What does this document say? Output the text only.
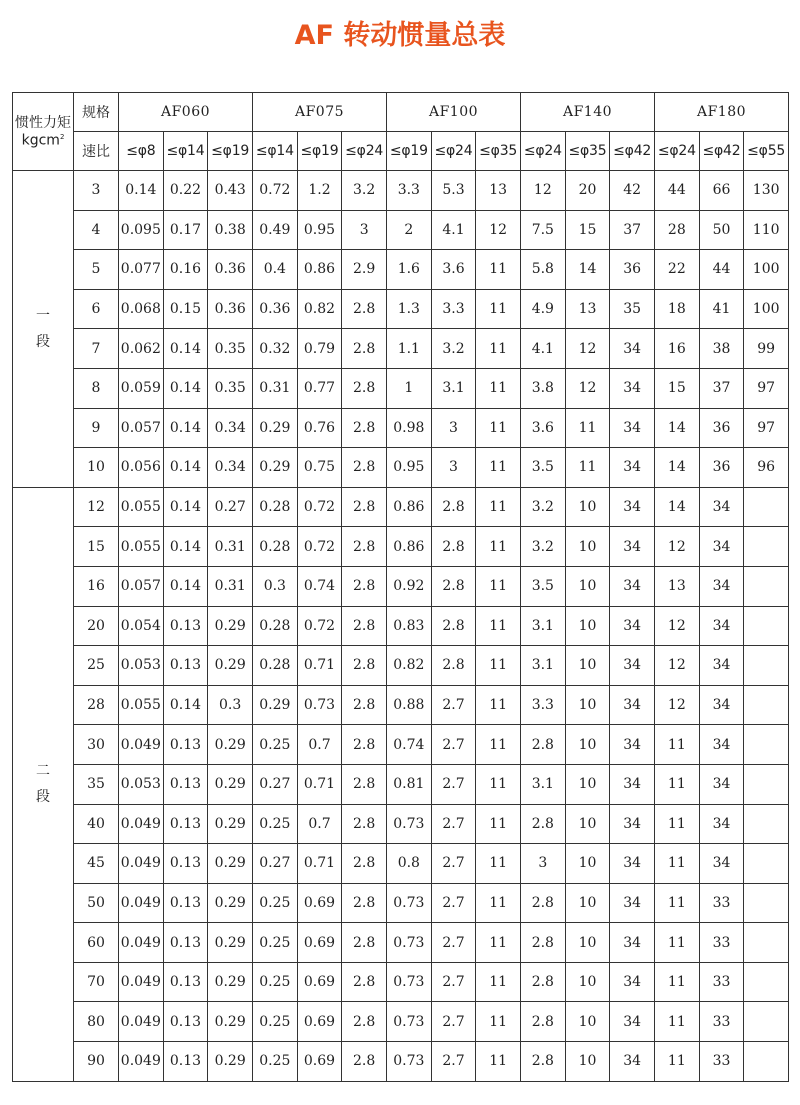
AF 转动惯量总表
惯性力矩
kgcm$^2$	规格	AF060			AF075			AF100			AF140			AF180		
	速比	≤φ8	≤φ14	≤φ19	≤φ14	≤φ19	≤φ24	≤φ19	≤φ24	≤φ35	≤φ24	≤φ35	≤φ42	≤φ24	≤φ42	≤φ55
一
段	3	0.14	0.22	0.43	0.72	1.2	3.2	3.3	5.3	13	12	20	42	44	66	130
	4	0.095	0.17	0.38	0.49	0.95	3	2	4.1	12	7.5	15	37	28	50	110
	5	0.077	0.16	0.36	0.4	0.86	2.9	1.6	3.6	11	5.8	14	36	22	44	100
	6	0.068	0.15	0.36	0.36	0.82	2.8	1.3	3.3	11	4.9	13	35	18	41	100
	7	0.062	0.14	0.35	0.32	0.79	2.8	1.1	3.2	11	4.1	12	34	16	38	99
	8	0.059	0.14	0.35	0.31	0.77	2.8	1	3.1	11	3.8	12	34	15	37	97
	9	0.057	0.14	0.34	0.29	0.76	2.8	0.98	3	11	3.6	11	34	14	36	97
	10	0.056	0.14	0.34	0.29	0.75	2.8	0.95	3	11	3.5	11	34	14	36	96
二
段	12	0.055	0.14	0.27	0.28	0.72	2.8	0.86	2.8	11	3.2	10	34	14	34	
	15	0.055	0.14	0.31	0.28	0.72	2.8	0.86	2.8	11	3.2	10	34	12	34	
	16	0.057	0.14	0.31	0.3	0.74	2.8	0.92	2.8	11	3.5	10	34	13	34	
	20	0.054	0.13	0.29	0.28	0.72	2.8	0.83	2.8	11	3.1	10	34	12	34	
	25	0.053	0.13	0.29	0.28	0.71	2.8	0.82	2.8	11	3.1	10	34	12	34	
	28	0.055	0.14	0.3	0.29	0.73	2.8	0.88	2.7	11	3.3	10	34	12	34	
	30	0.049	0.13	0.29	0.25	0.7	2.8	0.74	2.7	11	2.8	10	34	11	34	
	35	0.053	0.13	0.29	0.27	0.71	2.8	0.81	2.7	11	3.1	10	34	11	34	
	40	0.049	0.13	0.29	0.25	0.7	2.8	0.73	2.7	11	2.8	10	34	11	34	
	45	0.049	0.13	0.29	0.27	0.71	2.8	0.8	2.7	11	3	10	34	11	34	
	50	0.049	0.13	0.29	0.25	0.69	2.8	0.73	2.7	11	2.8	10	34	11	33	
	60	0.049	0.13	0.29	0.25	0.69	2.8	0.73	2.7	11	2.8	10	34	11	33	
	70	0.049	0.13	0.29	0.25	0.69	2.8	0.73	2.7	11	2.8	10	34	11	33	
	80	0.049	0.13	0.29	0.25	0.69	2.8	0.73	2.7	11	2.8	10	34	11	33	
	90	0.049	0.13	0.29	0.25	0.69	2.8	0.73	2.7	11	2.8	10	34	11	33	
